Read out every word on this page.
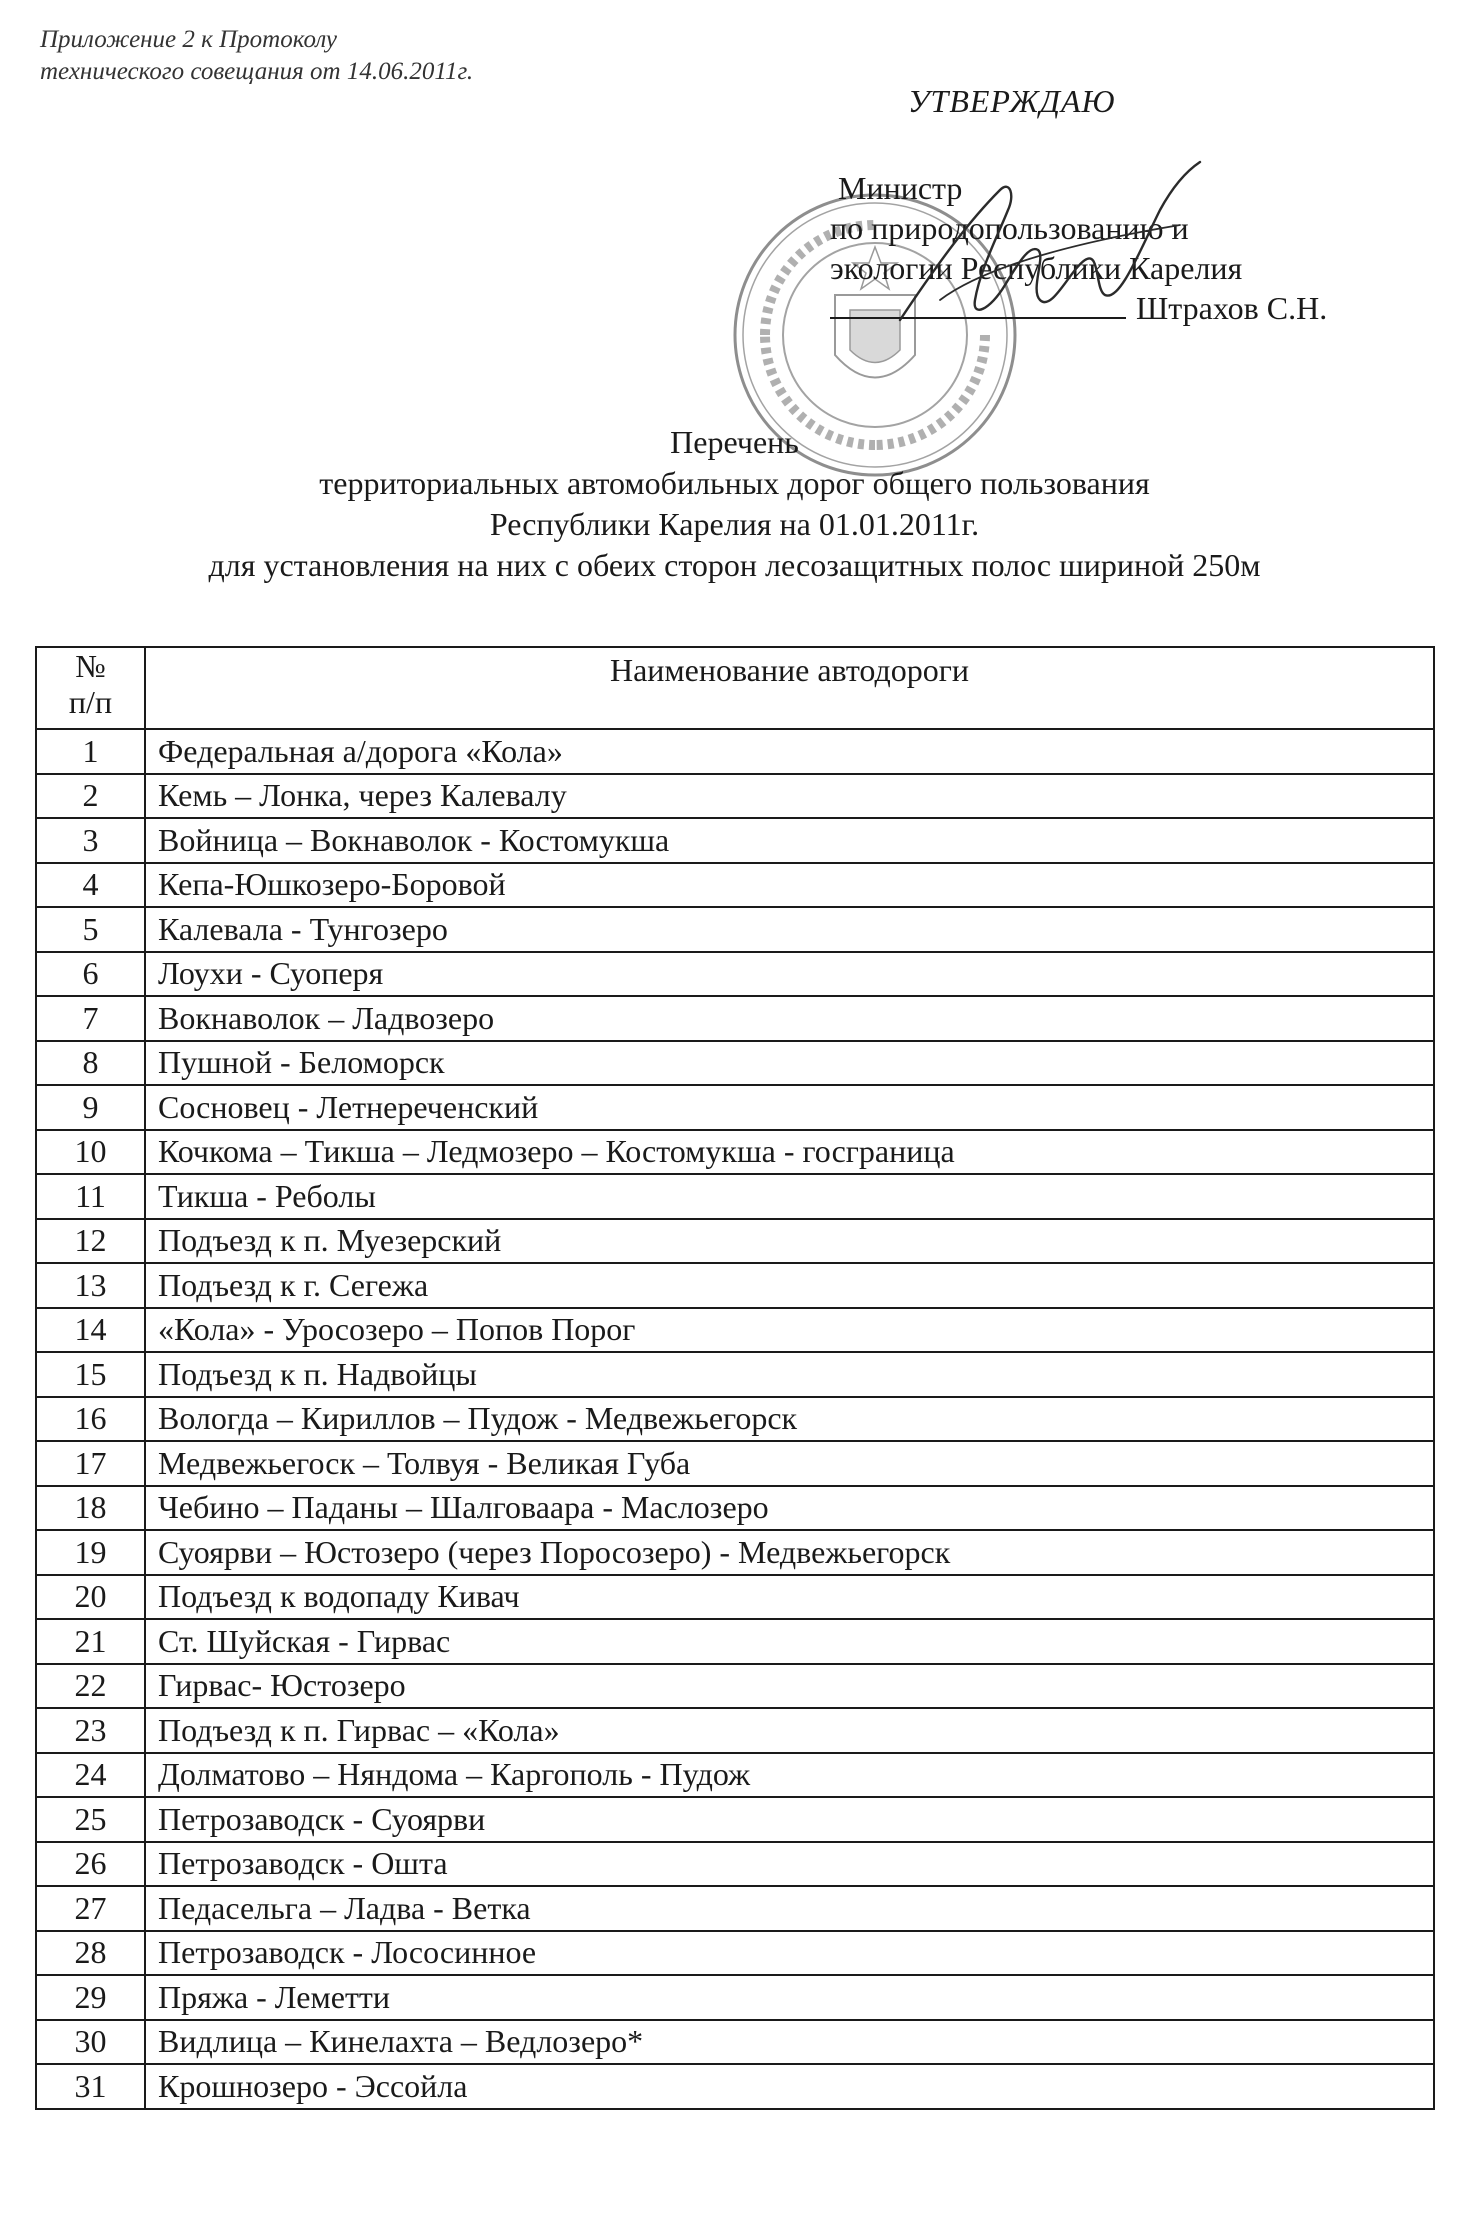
Приложение 2 к Протоколу
технического совещания от 14.06.2011г.
УТВЕРЖДАЮ
Министр
по природопользованию и
экологии Республики Карелия
Штрахов С.Н.
Перечень
территориальных автомобильных дорог общего пользования
Республики Карелия на 01.01.2011г.
для установления на них с обеих сторон лесозащитных полос шириной 250м
№
п/п	Наименование автодороги
1	Федеральная а/дорога «Кола»
2	Кемь – Лонка, через Калевалу
3	Войница – Вокнаволок - Костомукша
4	Кепа-Юшкозеро-Боровой
5	Калевала - Тунгозеро
6	Лоухи - Суоперя
7	Вокнаволок – Ладвозеро
8	Пушной - Беломорск
9	Сосновец - Летнереченский
10	Кочкома – Тикша – Ледмозеро – Костомукша - госграница
11	Тикша - Реболы
12	Подъезд к п. Муезерский
13	Подъезд к г. Сегежа
14	«Кола» - Уросозеро – Попов Порог
15	Подъезд к п. Надвойцы
16	Вологда – Кириллов – Пудож - Медвежьегорск
17	Медвежьегоск – Толвуя - Великая Губа
18	Чебино – Паданы – Шалговаара - Маслозеро
19	Суоярви – Юстозеро (через Поросозеро) - Медвежьегорск
20	Подъезд к водопаду Кивач
21	Ст. Шуйская - Гирвас
22	Гирвас- Юстозеро
23	Подъезд к п. Гирвас – «Кола»
24	Долматово – Няндома – Каргополь - Пудож
25	Петрозаводск - Суоярви
26	Петрозаводск - Ошта
27	Педасельга – Ладва - Ветка
28	Петрозаводск - Лососинное
29	Пряжа - Леметти
30	Видлица – Кинелахта – Ведлозеро*
31	Крошнозеро - Эссойла
